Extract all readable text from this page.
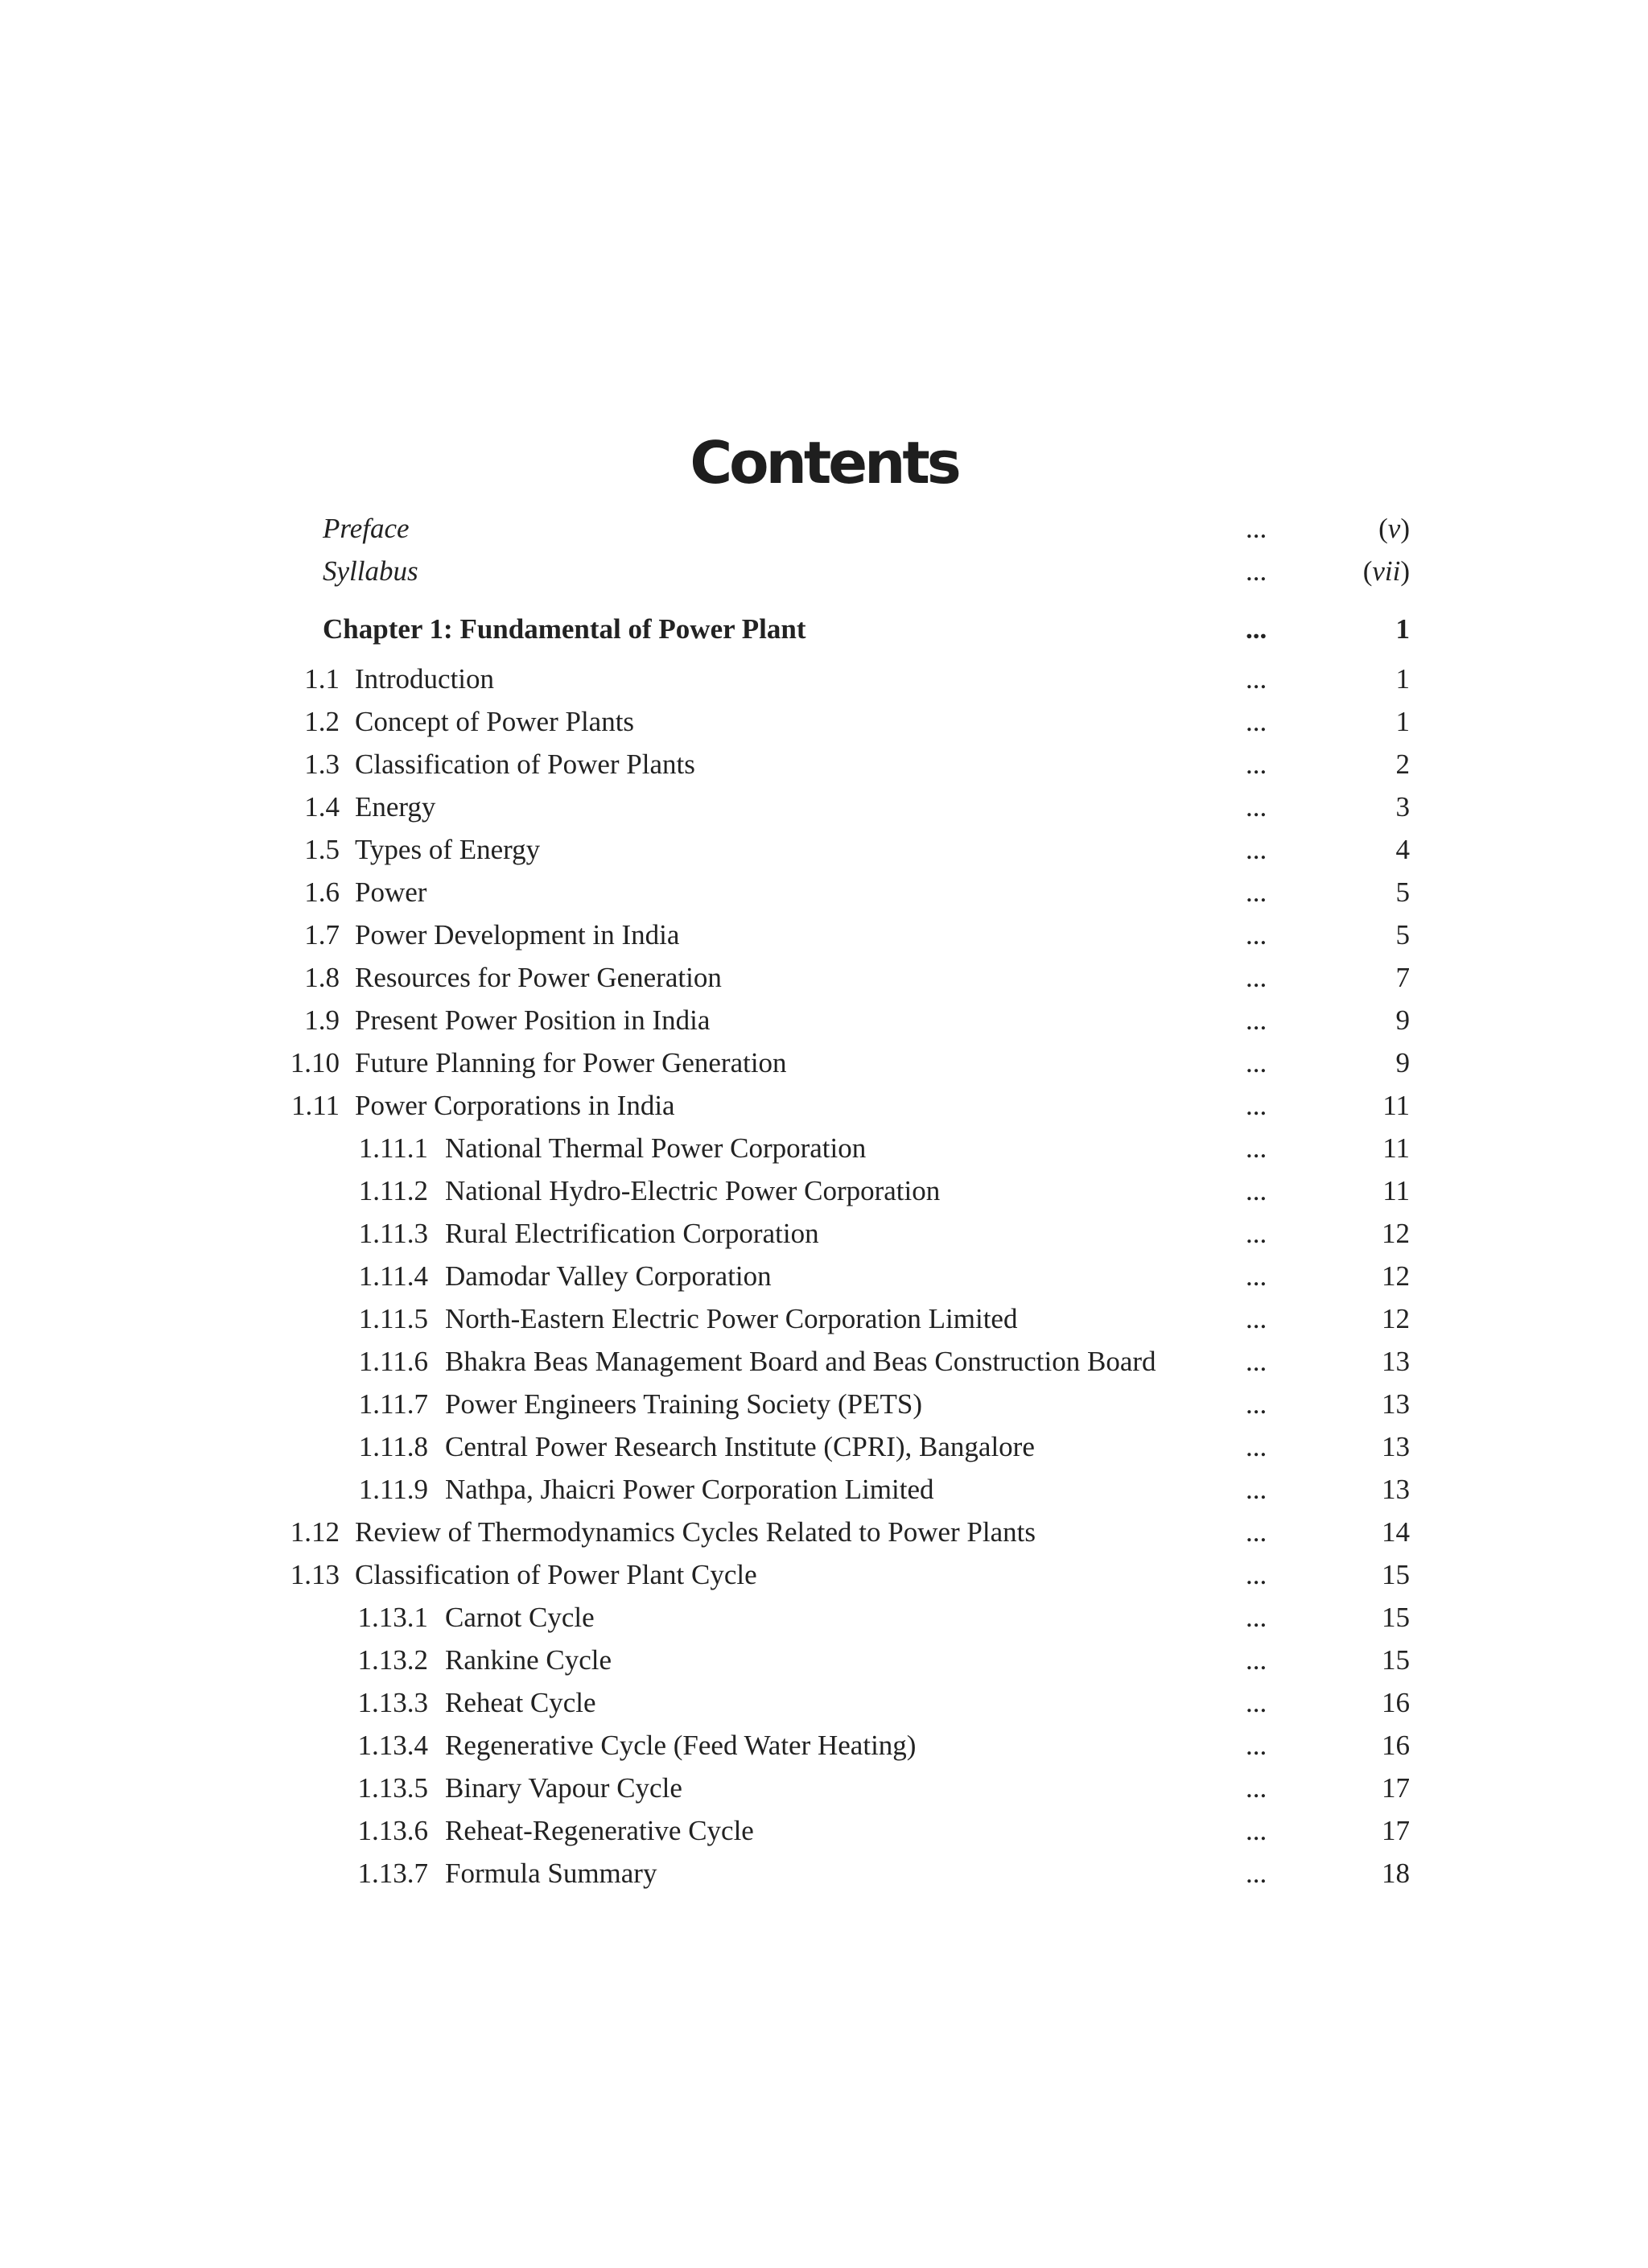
Contents
Preface	...	(v)
Syllabus	...	(vii)
Chapter 1: Fundamental of Power Plant	...	1
1.1 Introduction	...	1
1.2 Concept of Power Plants	...	1
1.3 Classification of Power Plants	...	2
1.4 Energy	...	3
1.5 Types of Energy	...	4
1.6 Power	...	5
1.7 Power Development in India	...	5
1.8 Resources for Power Generation	...	7
1.9 Present Power Position in India	...	9
1.10 Future Planning for Power Generation	...	9
1.11 Power Corporations in India	...	11
1.11.1 National Thermal Power Corporation	...	11
1.11.2 National Hydro-Electric Power Corporation	...	11
1.11.3 Rural Electrification Corporation	...	12
1.11.4 Damodar Valley Corporation	...	12
1.11.5 North-Eastern Electric Power Corporation Limited	...	12
1.11.6 Bhakra Beas Management Board and Beas Construction Board	...	13
1.11.7 Power Engineers Training Society (PETS)	...	13
1.11.8 Central Power Research Institute (CPRI), Bangalore	...	13
1.11.9 Nathpa, Jhaicri Power Corporation Limited	...	13
1.12 Review of Thermodynamics Cycles Related to Power Plants	...	14
1.13 Classification of Power Plant Cycle	...	15
1.13.1 Carnot Cycle	...	15
1.13.2 Rankine Cycle	...	15
1.13.3 Reheat Cycle	...	16
1.13.4 Regenerative Cycle (Feed Water Heating)	...	16
1.13.5 Binary Vapour Cycle	...	17
1.13.6 Reheat-Regenerative Cycle	...	17
1.13.7 Formula Summary	...	18
